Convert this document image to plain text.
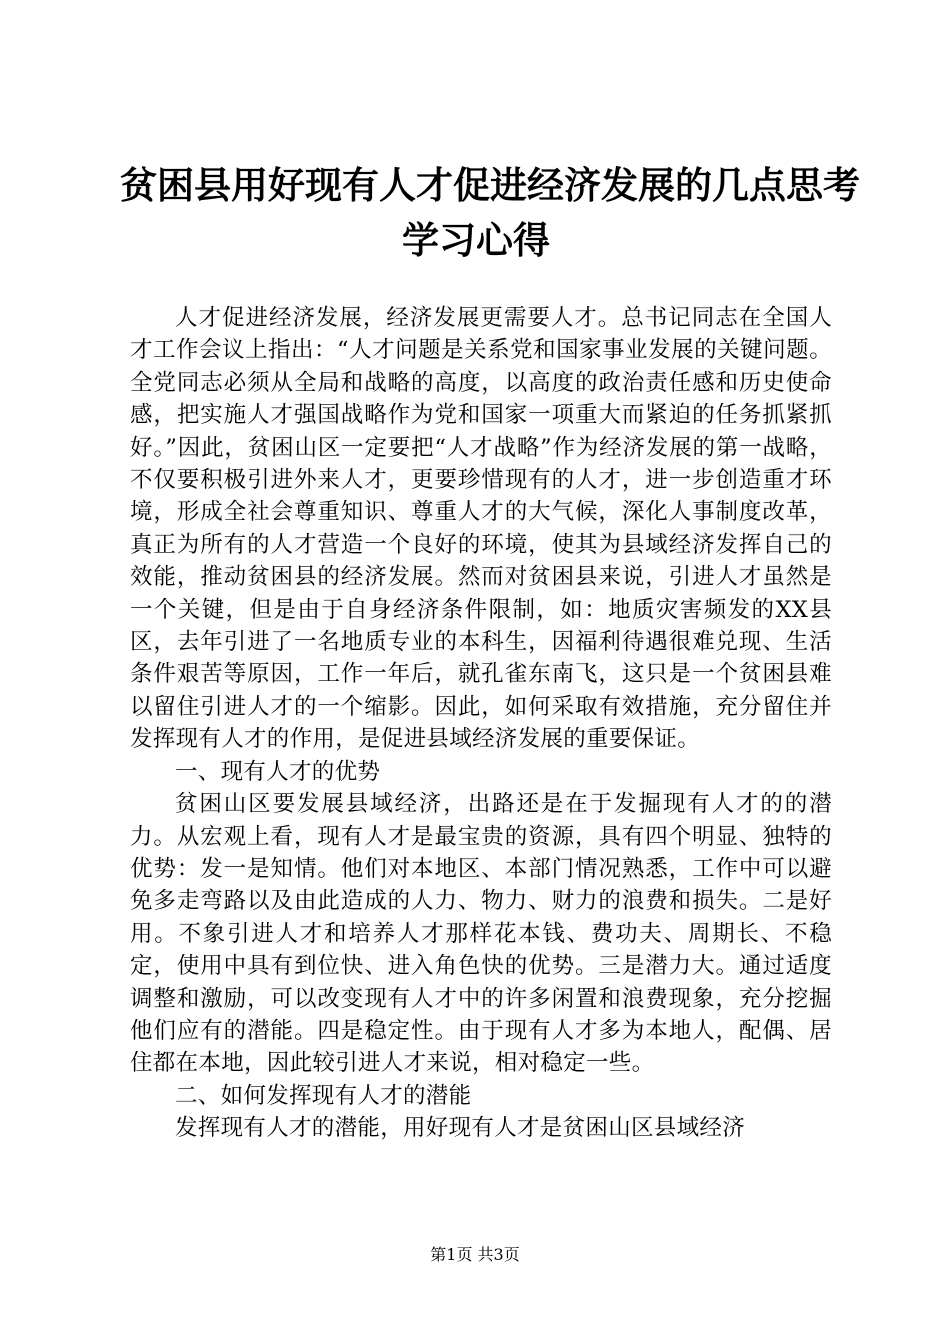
贫困县用好现有人才促进经济发展的几点思考
学习心得

人才促进经济发展，经济发展更需要人才。总书记同志在全国人才工作会议上指出：“人才问题是关系党和国家事业发展的关键问题。全党同志必须从全局和战略的高度，以高度的政治责任感和历史使命感，把实施人才强国战略作为党和国家一项重大而紧迫的任务抓紧抓好。”因此，贫困山区一定要把“人才战略”作为经济发展的第一战略，不仅要积极引进外来人才，更要珍惜现有的人才，进一步创造重才环境，形成全社会尊重知识、尊重人才的大气候，深化人事制度改革，真正为所有的人才营造一个良好的环境，使其为县域经济发挥自己的效能，推动贫困县的经济发展。然而对贫困县来说，引进人才虽然是一个关键，但是由于自身经济条件限制，如：地质灾害频发的XX县区，去年引进了一名地质专业的本科生，因福利待遇很难兑现、生活条件艰苦等原因，工作一年后，就孔雀东南飞，这只是一个贫困县难以留住引进人才的一个缩影。因此，如何采取有效措施，充分留住并发挥现有人才的作用，是促进县域经济发展的重要保证。

一、现有人才的优势

贫困山区要发展县域经济，出路还是在于发掘现有人才的的潜力。从宏观上看，现有人才是最宝贵的资源，具有四个明显、独特的优势：发一是知情。他们对本地区、本部门情况熟悉，工作中可以避免多走弯路以及由此造成的人力、物力、财力的浪费和损失。二是好用。不象引进人才和培养人才那样花本钱、费功夫、周期长、不稳定，使用中具有到位快、进入角色快的优势。三是潜力大。通过适度调整和激励，可以改变现有人才中的许多闲置和浪费现象，充分挖掘他们应有的潜能。四是稳定性。由于现有人才多为本地人，配偶、居住都在本地，因此较引进人才来说，相对稳定一些。

二、如何发挥现有人才的潜能

发挥现有人才的潜能，用好现有人才是贫困山区县域经济

第1页 共3页
